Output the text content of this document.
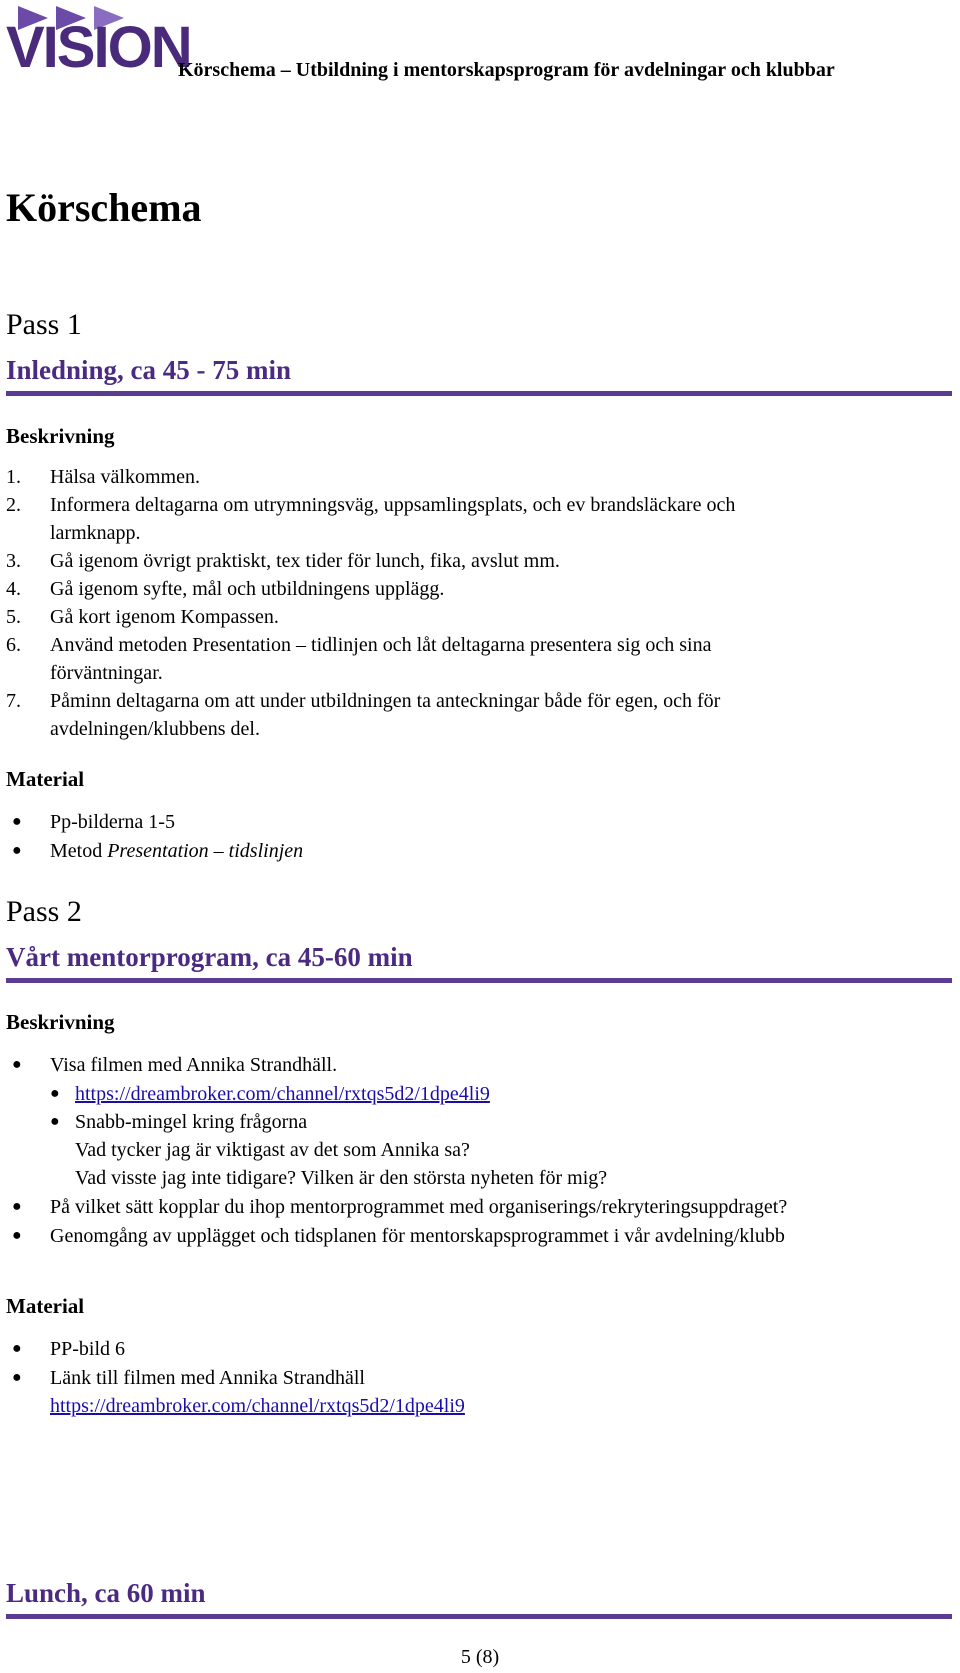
VISION
Körschema – Utbildning i mentorskapsprogram för avdelningar och klubbar
Körschema
Pass 1
Inledning, ca 45 - 75 min
Beskrivning
1.	Hälsa välkommen.
2.	Informera deltagarna om utrymningsväg, uppsamlingsplats, och ev brandsläckare och
larmknapp.
3.	Gå igenom övrigt praktiskt, tex tider för lunch, fika, avslut mm.
4.	Gå igenom syfte, mål och utbildningens upplägg.
5.	Gå kort igenom Kompassen.
6.	Använd metoden Presentation – tidlinjen och låt deltagarna presentera sig och sina
förväntningar.
7.	Påminn deltagarna om att under utbildningen ta anteckningar både för egen, och för
avdelningen/klubbens del.
Material
● Pp-bilderna 1-5
● Metod Presentation – tidslinjen
Pass 2
Vårt mentorprogram, ca 45-60 min
Beskrivning
● Visa filmen med Annika Strandhäll.
● https://dreambroker.com/channel/rxtqs5d2/1dpe4li9
● Snabb-mingel kring frågorna
Vad tycker jag är viktigast av det som Annika sa?
Vad visste jag inte tidigare? Vilken är den största nyheten för mig?
● På vilket sätt kopplar du ihop mentorprogrammet med organiserings/rekryteringsuppdraget?
● Genomgång av upplägget och tidsplanen för mentorskapsprogrammet i vår avdelning/klubb
Material
● PP-bild 6
● Länk till filmen med Annika Strandhäll
https://dreambroker.com/channel/rxtqs5d2/1dpe4li9
Lunch, ca 60 min
5 (8)
